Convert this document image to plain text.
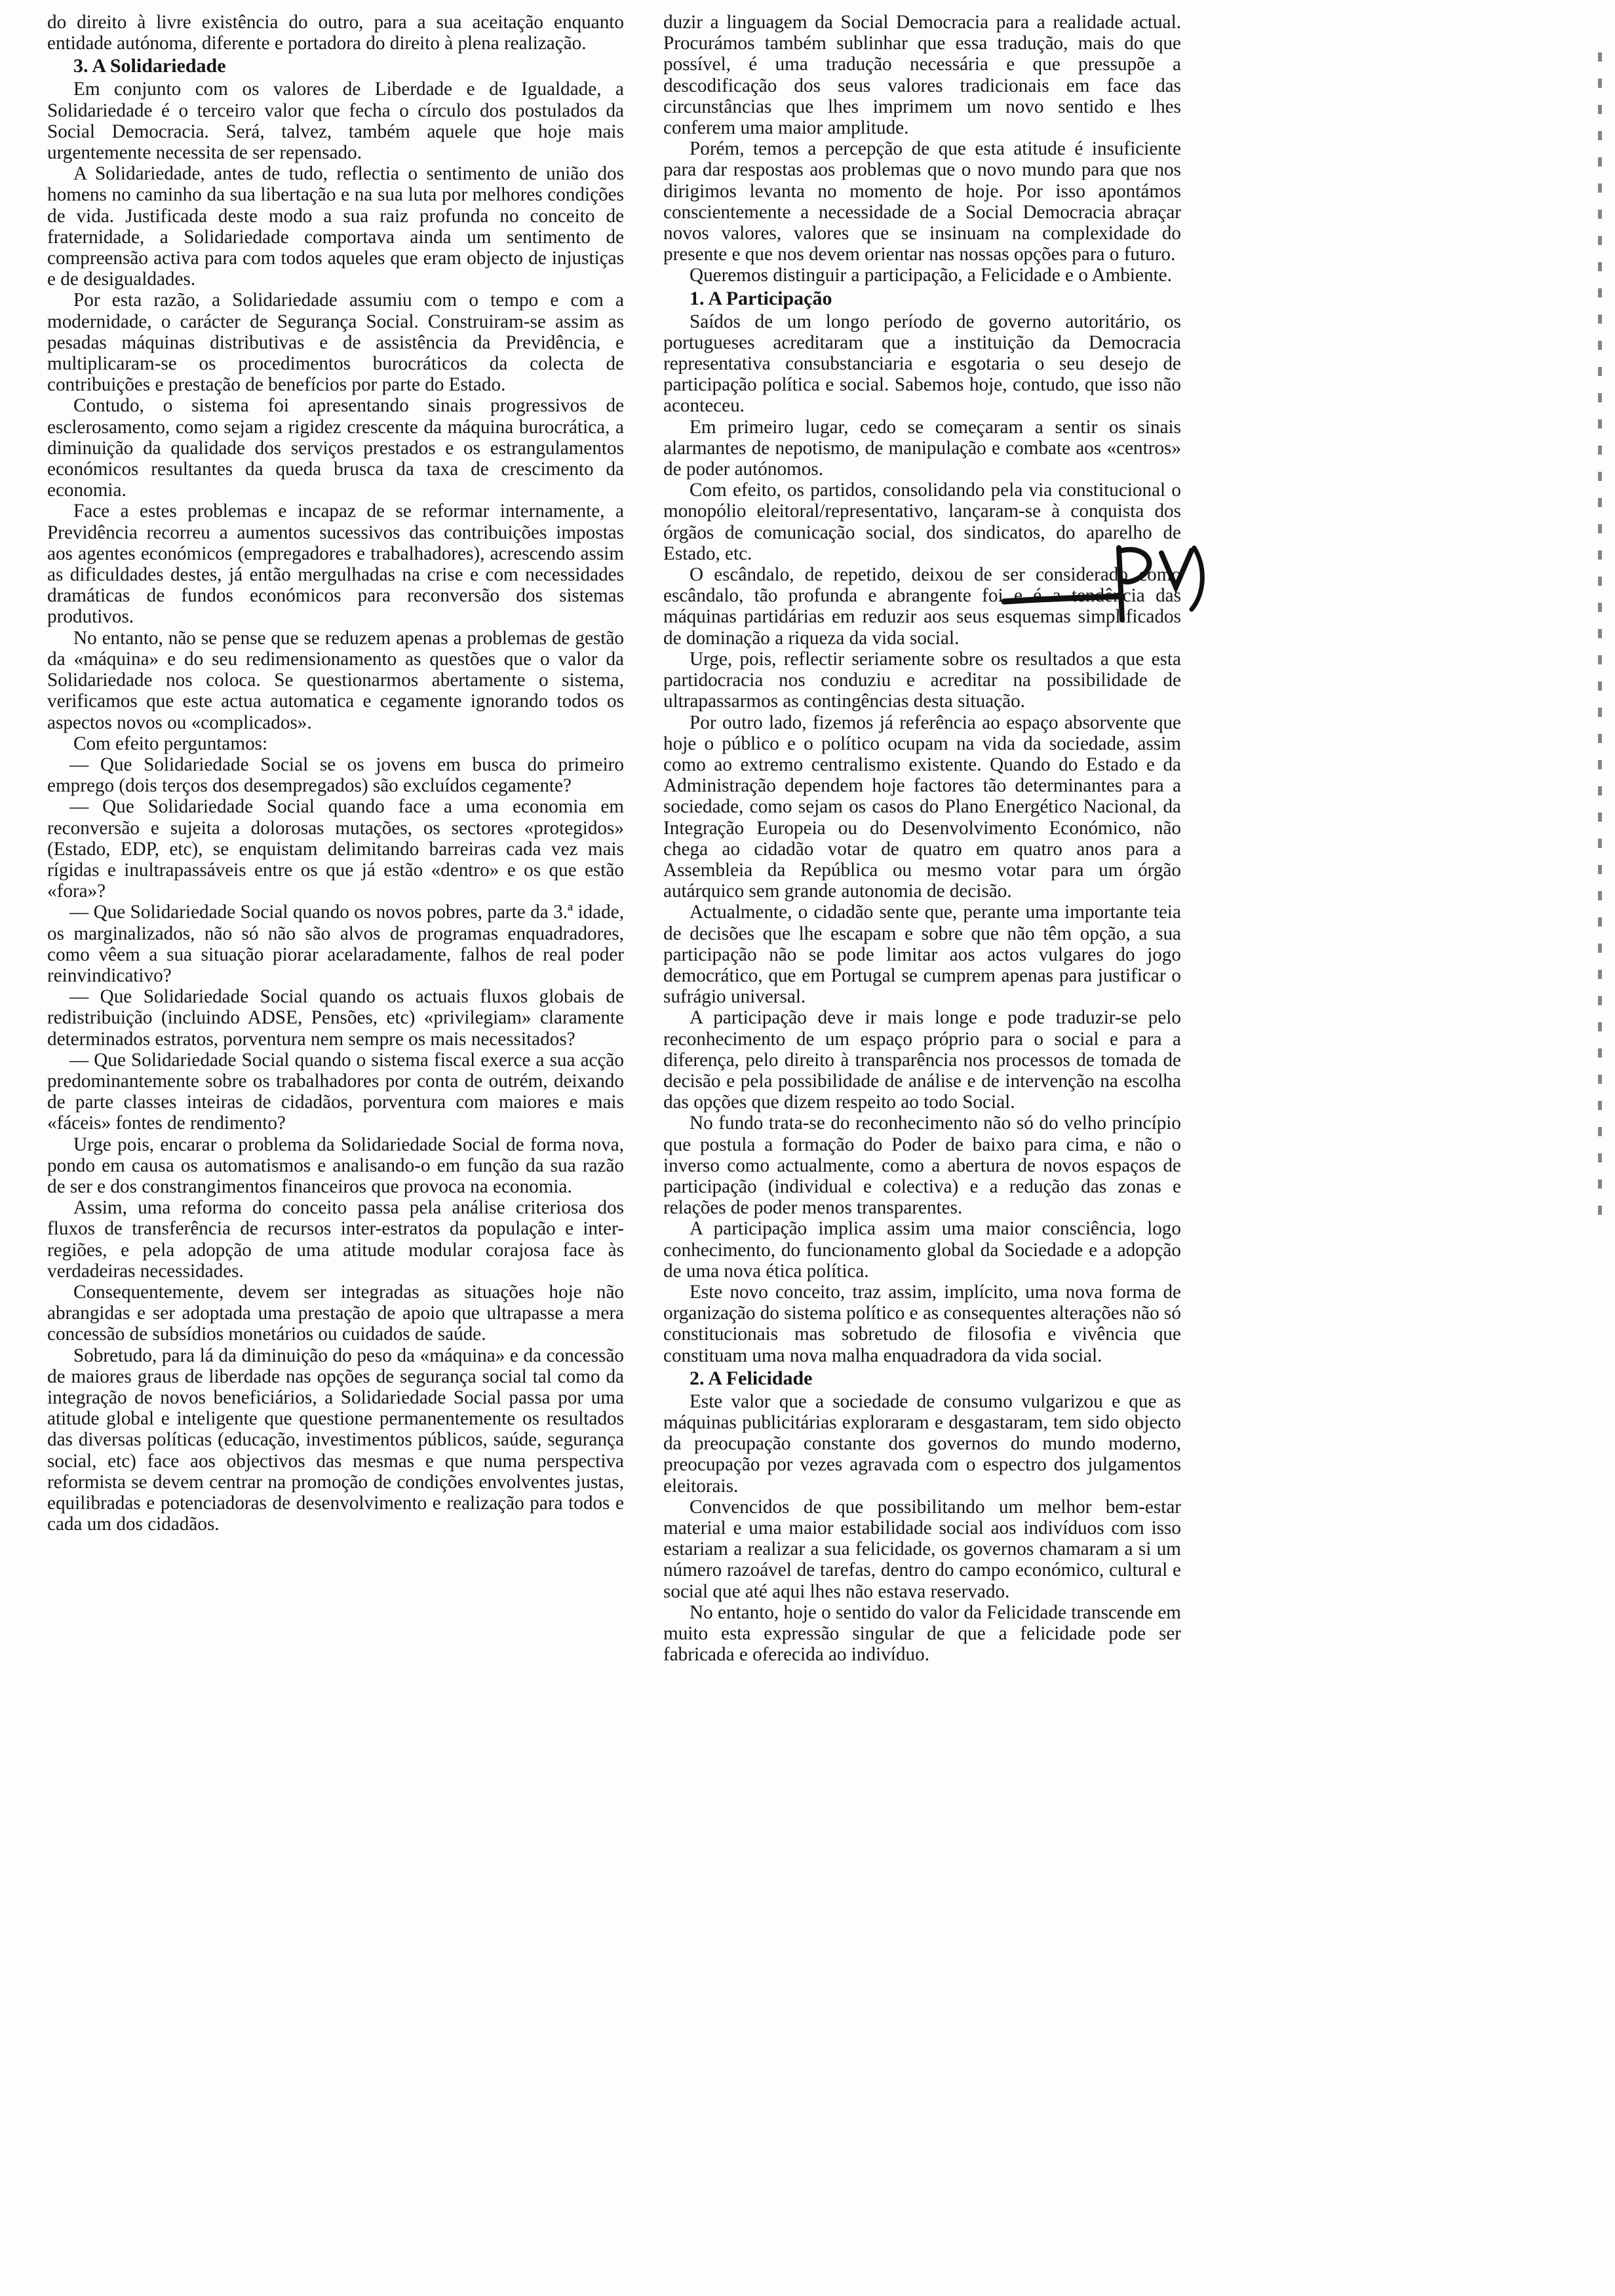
do direito à livre existência do outro, para a sua aceitação enquanto entidade autónoma, diferente e portadora do direito à plena realização.

3. A Solidariedade

Em conjunto com os valores de Liberdade e de Igualdade, a Solidariedade é o terceiro valor que fecha o círculo dos postulados da Social Democracia. Será, talvez, também aquele que hoje mais urgentemente necessita de ser repensado.

A Solidariedade, antes de tudo, reflectia o sentimento de união dos homens no caminho da sua libertação e na sua luta por melhores condições de vida. Justificada deste modo a sua raiz profunda no conceito de fraternidade, a Solidariedade comportava ainda um sentimento de compreensão activa para com todos aqueles que eram objecto de injustiças e de desigualdades.

Por esta razão, a Solidariedade assumiu com o tempo e com a modernidade, o carácter de Segurança Social. Construiram-se assim as pesadas máquinas distributivas e de assistência da Previdência, e multiplicaram-se os procedimentos burocráticos da colecta de contribuições e prestação de benefícios por parte do Estado.

Contudo, o sistema foi apresentando sinais progressivos de esclerosamento, como sejam a rigidez crescente da máquina burocrática, a diminuição da qualidade dos serviços prestados e os estrangulamentos económicos resultantes da queda brusca da taxa de crescimento da economia.

Face a estes problemas e incapaz de se reformar internamente, a Previdência recorreu a aumentos sucessivos das contribuições impostas aos agentes económicos (empregadores e trabalhadores), acrescendo assim as dificuldades destes, já então mergulhadas na crise e com necessidades dramáticas de fundos económicos para reconversão dos sistemas produtivos.

No entanto, não se pense que se reduzem apenas a problemas de gestão da «máquina» e do seu redimensionamento as questões que o valor da Solidariedade nos coloca. Se questionarmos abertamente o sistema, verificamos que este actua automatica e cegamente ignorando todos os aspectos novos ou «complicados».

Com efeito perguntamos:

— Que Solidariedade Social se os jovens em busca do primeiro emprego (dois terços dos desempregados) são excluídos cegamente?

— Que Solidariedade Social quando face a uma economia em reconversão e sujeita a dolorosas mutações, os sectores «protegidos» (Estado, EDP, etc), se enquistam delimitando barreiras cada vez mais rígidas e inultrapassáveis entre os que já estão «dentro» e os que estão «fora»?

— Que Solidariedade Social quando os novos pobres, parte da 3.ª idade, os marginalizados, não só não são alvos de programas enquadradores, como vêem a sua situação piorar acelaradamente, falhos de real poder reinvindicativo?

— Que Solidariedade Social quando os actuais fluxos globais de redistribuição (incluindo ADSE, Pensões, etc) «privilegiam» claramente determinados estratos, porventura nem sempre os mais necessitados?

— Que Solidariedade Social quando o sistema fiscal exerce a sua acção predominantemente sobre os trabalhadores por conta de outrém, deixando de parte classes inteiras de cidadãos, porventura com maiores e mais «fáceis» fontes de rendimento?

Urge pois, encarar o problema da Solidariedade Social de forma nova, pondo em causa os automatismos e analisando-o em função da sua razão de ser e dos constrangimentos financeiros que provoca na economia.

Assim, uma reforma do conceito passa pela análise criteriosa dos fluxos de transferência de recursos inter-estratos da população e inter-regiões, e pela adopção de uma atitude modular corajosa face às verdadeiras necessidades.

Consequentemente, devem ser integradas as situações hoje não abrangidas e ser adoptada uma prestação de apoio que ultrapasse a mera concessão de subsídios monetários ou cuidados de saúde.

Sobretudo, para lá da diminuição do peso da «máquina» e da concessão de maiores graus de liberdade nas opções de segurança social tal como da integração de novos beneficiários, a Solidariedade Social passa por uma atitude global e inteligente que questione permanentemente os resultados das diversas políticas (educação, investimentos públicos, saúde, segurança social, etc) face aos objectivos das mesmas e que numa perspectiva reformista se devem centrar na promoção de condições envolventes justas, equilibradas e potenciadoras de desenvolvimento e realização para todos e cada um dos cidadãos.

duzir a linguagem da Social Democracia para a realidade actual. Procurámos também sublinhar que essa tradução, mais do que possível, é uma tradução necessária e que pressupõe a descodificação dos seus valores tradicionais em face das circunstâncias que lhes imprimem um novo sentido e lhes conferem uma maior amplitude.

Porém, temos a percepção de que esta atitude é insuficiente para dar respostas aos problemas que o novo mundo para que nos dirigimos levanta no momento de hoje. Por isso apontámos conscientemente a necessidade de a Social Democracia abraçar novos valores, valores que se insinuam na complexidade do presente e que nos devem orientar nas nossas opções para o futuro.

Queremos distinguir a participação, a Felicidade e o Ambiente.

1. A Participação

Saídos de um longo período de governo autoritário, os portugueses acreditaram que a instituição da Democracia representativa consubstanciaria e esgotaria o seu desejo de participação política e social. Sabemos hoje, contudo, que isso não aconteceu.

Em primeiro lugar, cedo se começaram a sentir os sinais alarmantes de nepotismo, de manipulação e combate aos «centros» de poder autónomos.

Com efeito, os partidos, consolidando pela via constitucional o monopólio eleitoral/representativo, lançaram-se à conquista dos órgãos de comunicação social, dos sindicatos, do aparelho de Estado, etc.

O escândalo, de repetido, deixou de ser considerado como escândalo, tão profunda e abrangente foi e é a tendência das máquinas partidárias em reduzir aos seus esquemas simplificados de dominação a riqueza da vida social.

Urge, pois, reflectir seriamente sobre os resultados a que esta partidocracia nos conduziu e acreditar na possibilidade de ultrapassarmos as contingências desta situação.

Por outro lado, fizemos já referência ao espaço absorvente que hoje o público e o político ocupam na vida da sociedade, assim como ao extremo centralismo existente. Quando do Estado e da Administração dependem hoje factores tão determinantes para a sociedade, como sejam os casos do Plano Energético Nacional, da Integração Europeia ou do Desenvolvimento Económico, não chega ao cidadão votar de quatro em quatro anos para a Assembleia da República ou mesmo votar para um órgão autárquico sem grande autonomia de decisão.

Actualmente, o cidadão sente que, perante uma importante teia de decisões que lhe escapam e sobre que não têm opção, a sua participação não se pode limitar aos actos vulgares do jogo democrático, que em Portugal se cumprem apenas para justificar o sufrágio universal.

A participação deve ir mais longe e pode traduzir-se pelo reconhecimento de um espaço próprio para o social e para a diferença, pelo direito à transparência nos processos de tomada de decisão e pela possibilidade de análise e de intervenção na escolha das opções que dizem respeito ao todo Social.

No fundo trata-se do reconhecimento não só do velho princípio que postula a formação do Poder de baixo para cima, e não o inverso como actualmente, como a abertura de novos espaços de participação (individual e colectiva) e a redução das zonas e relações de poder menos transparentes.

A participação implica assim uma maior consciência, logo conhecimento, do funcionamento global da Sociedade e a adopção de uma nova ética política.

Este novo conceito, traz assim, implícito, uma nova forma de organização do sistema político e as consequentes alterações não só constitucionais mas sobretudo de filosofia e vivência que constituam uma nova malha enquadradora da vida social.

2. A Felicidade

Este valor que a sociedade de consumo vulgarizou e que as máquinas publicitárias exploraram e desgastaram, tem sido objecto da preocupação constante dos governos do mundo moderno, preocupação por vezes agravada com o espectro dos julgamentos eleitorais.

Convencidos de que possibilitando um melhor bem-estar material e uma maior estabilidade social aos indivíduos com isso estariam a realizar a sua felicidade, os governos chamaram a si um número razoável de tarefas, dentro do campo económico, cultural e social que até aqui lhes não estava reservado.

No entanto, hoje o sentido do valor da Felicidade transcende em muito esta expressão singular de que a felicidade pode ser fabricada e oferecida ao indivíduo.
